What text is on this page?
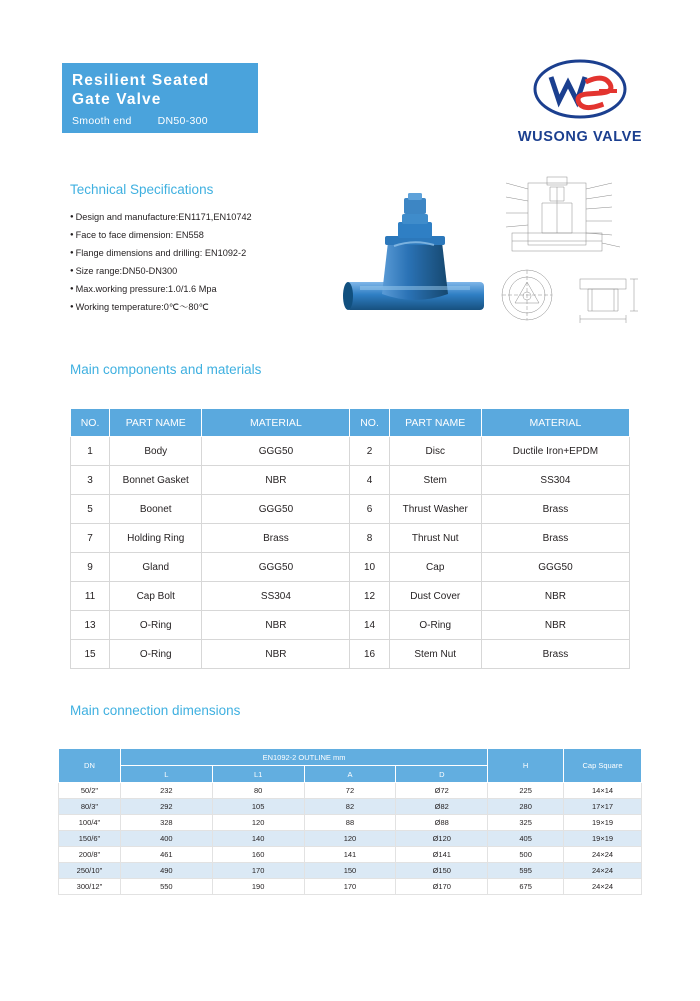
Resilient Seated
Gate Valve
Smooth end DN50-300
WUSONG VALVE
Technical Specifications
● Design and manufacture:EN1171,EN10742
● Face to face dimension: EN558
● Flange dimensions and drilling: EN1092-2
● Size range:DN50-DN300
● Max.working pressure:1.0/1.6 Mpa
● Working temperature:0℃～80℃
Main components and materials
NO.	PART NAME	MATERIAL	NO.	PART NAME	MATERIAL
1	Body	GGG50	2	Disc	Ductile Iron+EPDM
3	Bonnet Gasket	NBR	4	Stem	SS304
5	Boonet	GGG50	6	Thrust Washer	Brass
7	Holding Ring	Brass	8	Thrust Nut	Brass
9	Gland	GGG50	10	Cap	GGG50
11	Cap Bolt	SS304	12	Dust Cover	NBR
13	O-Ring	NBR	14	O-Ring	NBR
15	O-Ring	NBR	16	Stem Nut	Brass
Main connection dimensions
DN	EN1092-2 OUTLINE mm				H	Cap Square
	L	L1	A	D		
50/2"	232	80	72	Ø72	225	14×14
80/3"	292	105	82	Ø82	280	17×17
100/4"	328	120	88	Ø88	325	19×19
150/6"	400	140	120	Ø120	405	19×19
200/8"	461	160	141	Ø141	500	24×24
250/10"	490	170	150	Ø150	595	24×24
300/12"	550	190	170	Ø170	675	24×24
